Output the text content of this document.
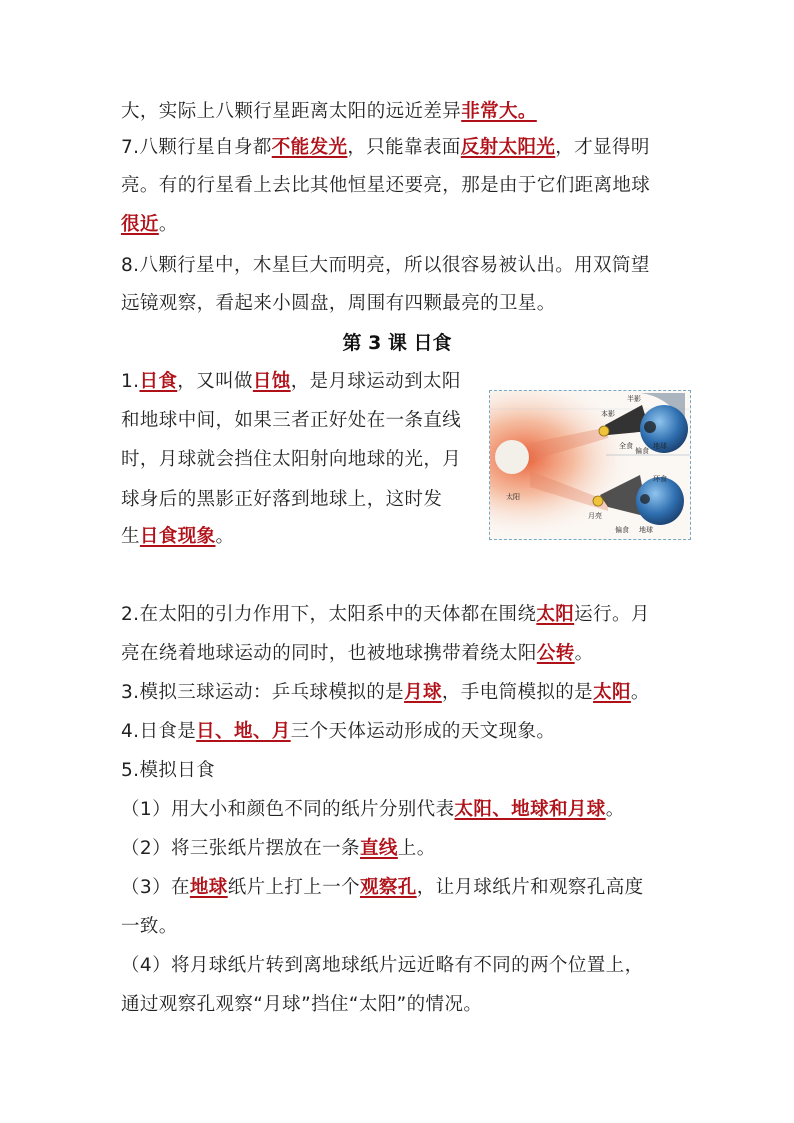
大，实际上八颗行星距离太阳的远近差异非常大。
7.八颗行星自身都不能发光，只能靠表面反射太阳光，才显得明
亮。有的行星看上去比其他恒星还要亮，那是由于它们距离地球
很近。
8.八颗行星中，木星巨大而明亮，所以很容易被认出。用双筒望
远镜观察，看起来小圆盘，周围有四颗最亮的卫星。
第 3 课 日食
1.日食，又叫做日蚀，是月球运动到太阳
和地球中间，如果三者正好处在一条直线
时，月球就会挡住太阳射向地球的光，月
球身后的黑影正好落到地球上，这时发
生日食现象。
太阳
半影
本影
全食
偏食
地球
环食
月亮
偏食 地球
2.在太阳的引力作用下，太阳系中的天体都在围绕太阳运行。月
亮在绕着地球运动的同时，也被地球携带着绕太阳公转。
3.模拟三球运动：乒乓球模拟的是月球，手电筒模拟的是太阳。
4.日食是日、地、月三个天体运动形成的天文现象。
5.模拟日食
（1）用大小和颜色不同的纸片分别代表太阳、地球和月球。
（2）将三张纸片摆放在一条直线上。
（3）在地球纸片上打上一个观察孔，让月球纸片和观察孔高度
一致。
（4）将月球纸片转到离地球纸片远近略有不同的两个位置上，
通过观察孔观察“月球”挡住“太阳”的情况。
